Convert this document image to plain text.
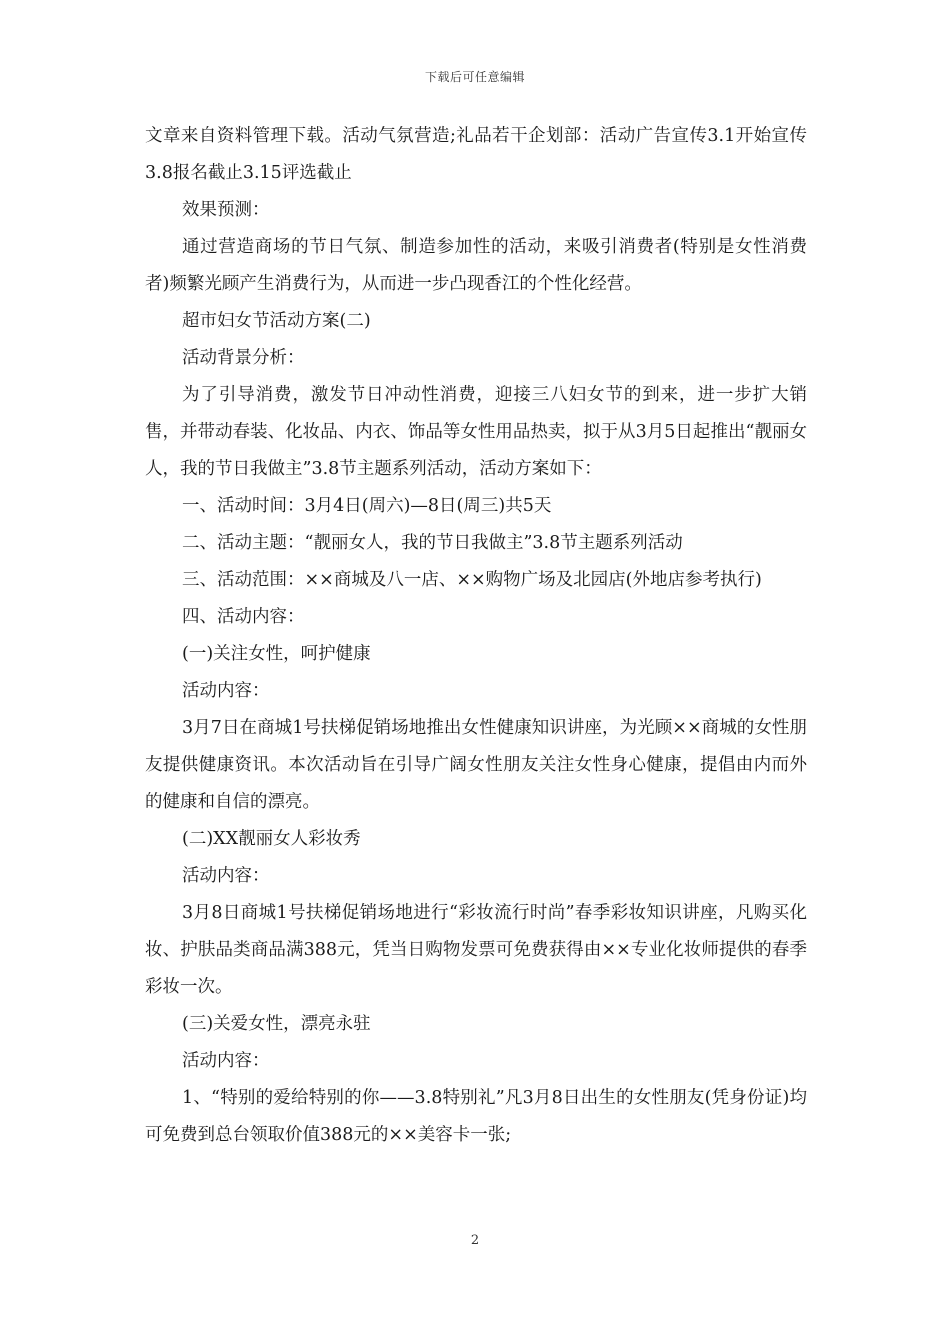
下载后可任意编辑

文章来自资料管理下载。活动气氛营造;礼品若干企划部：活动广告宣传3.1开始宣传3.8报名截止3.15评选截止

效果预测：

通过营造商场的节日气氛、制造参加性的活动，来吸引消费者(特别是女性消费者)频繁光顾产生消费行为，从而进一步凸现香江的个性化经营。

超市妇女节活动方案(二)

活动背景分析：

为了引导消费，激发节日冲动性消费，迎接三八妇女节的到来，进一步扩大销售，并带动春装、化妆品、内衣、饰品等女性用品热卖，拟于从3月5日起推出“靓丽女人，我的节日我做主”3.8节主题系列活动，活动方案如下：

一、活动时间：3月4日(周六)—8日(周三)共5天

二、活动主题：“靓丽女人，我的节日我做主”3.8节主题系列活动

三、活动范围：××商城及八一店、××购物广场及北园店(外地店参考执行)

四、活动内容：

(一)关注女性，呵护健康

活动内容：

3月7日在商城1号扶梯促销场地推出女性健康知识讲座，为光顾××商城的女性朋友提供健康资讯。本次活动旨在引导广阔女性朋友关注女性身心健康，提倡由内而外的健康和自信的漂亮。

(二)XX靓丽女人彩妆秀

活动内容：

3月8日商城1号扶梯促销场地进行“彩妆流行时尚”春季彩妆知识讲座，凡购买化妆、护肤品类商品满388元，凭当日购物发票可免费获得由××专业化妆师提供的春季彩妆一次。

(三)关爱女性，漂亮永驻

活动内容：

1、“特别的爱给特别的你——3.8特别礼”凡3月8日出生的女性朋友(凭身份证)均可免费到总台领取价值388元的××美容卡一张;

2
